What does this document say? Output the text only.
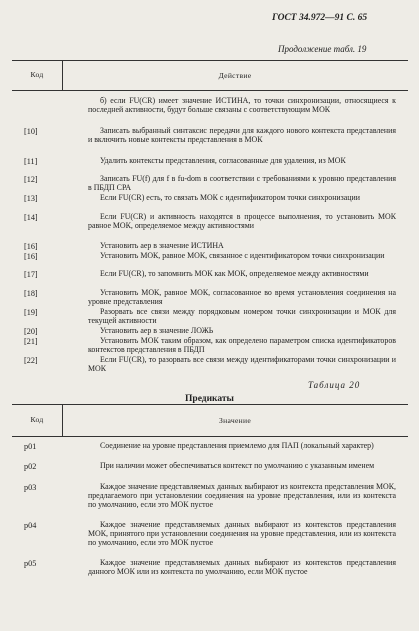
ГОСТ 34.972—91 С. 65
Продолжение табл. 19
Код	Действие
б) если FU(CR) имеет значение ИСТИНА, то точки синхронизации, относящиеся к последней активности, будут больше связаны с соответствующим МОК
[10]	Записать выбранный синтаксис передачи для каждого нового контекста представления и включить новые контексты представления в МОК
[11]	Удалить контексты представления, согласованные для удаления, из МОК
[12]	Записать FU(f) для f в fu-dom в соответствии с требованиями к уровню представления в ПБДП СРА
[13]	Если FU(CR) есть, то связать МОК с идентификатором точки синхронизации
[14]	Если FU(CR) и активность находятся в процессе выполнения, то установить МОК равное МОК, определяемое между активностями
[16]	Установить aep в значение ИСТИНА
[16]	Установить МОК, равное МОК, связанное с идентификатором точки синхронизации
[17]	Если FU(CR), то запомнить МОК как МОК, определяемое между активностями
[18]	Установить МОК, равное МОК, согласованное во время установления соединения на уровне представления
[19]	Разорвать все связи между порядковым номером точки синхронизации и МОК для текущей активности
[20]	Установить aep в значение ЛОЖЬ
[21]	Установить МОК таким образом, как определено параметром списка идентификаторов контекстов представления в ПБДП
[22]	Если FU(CR), то разорвать все связи между идентификаторами точки синхронизации и МОК
Таблица 20
Предикаты
Код	Значение
p01	Соединение на уровне представления приемлемо для ПАП (локальный характер)
p02	При наличии может обеспечиваться контекст по умолчанию с указанным именем
p03	Каждое значение представляемых данных выбирают из контекста представления МОК, предлагаемого при установлении соединения на уровне представления, или из контекста по умолчанию, если это МОК пустое
p04	Каждое значение представляемых данных выбирают из контекстов представления МОК, принятого при установлении соединения на уровне представления, или из контекста по умолчанию, если это МОК пустое
p05	Каждое значение представляемых данных выбирают из контекстов представления данного МОК или из контекста по умолчанию, если МОК пустое
